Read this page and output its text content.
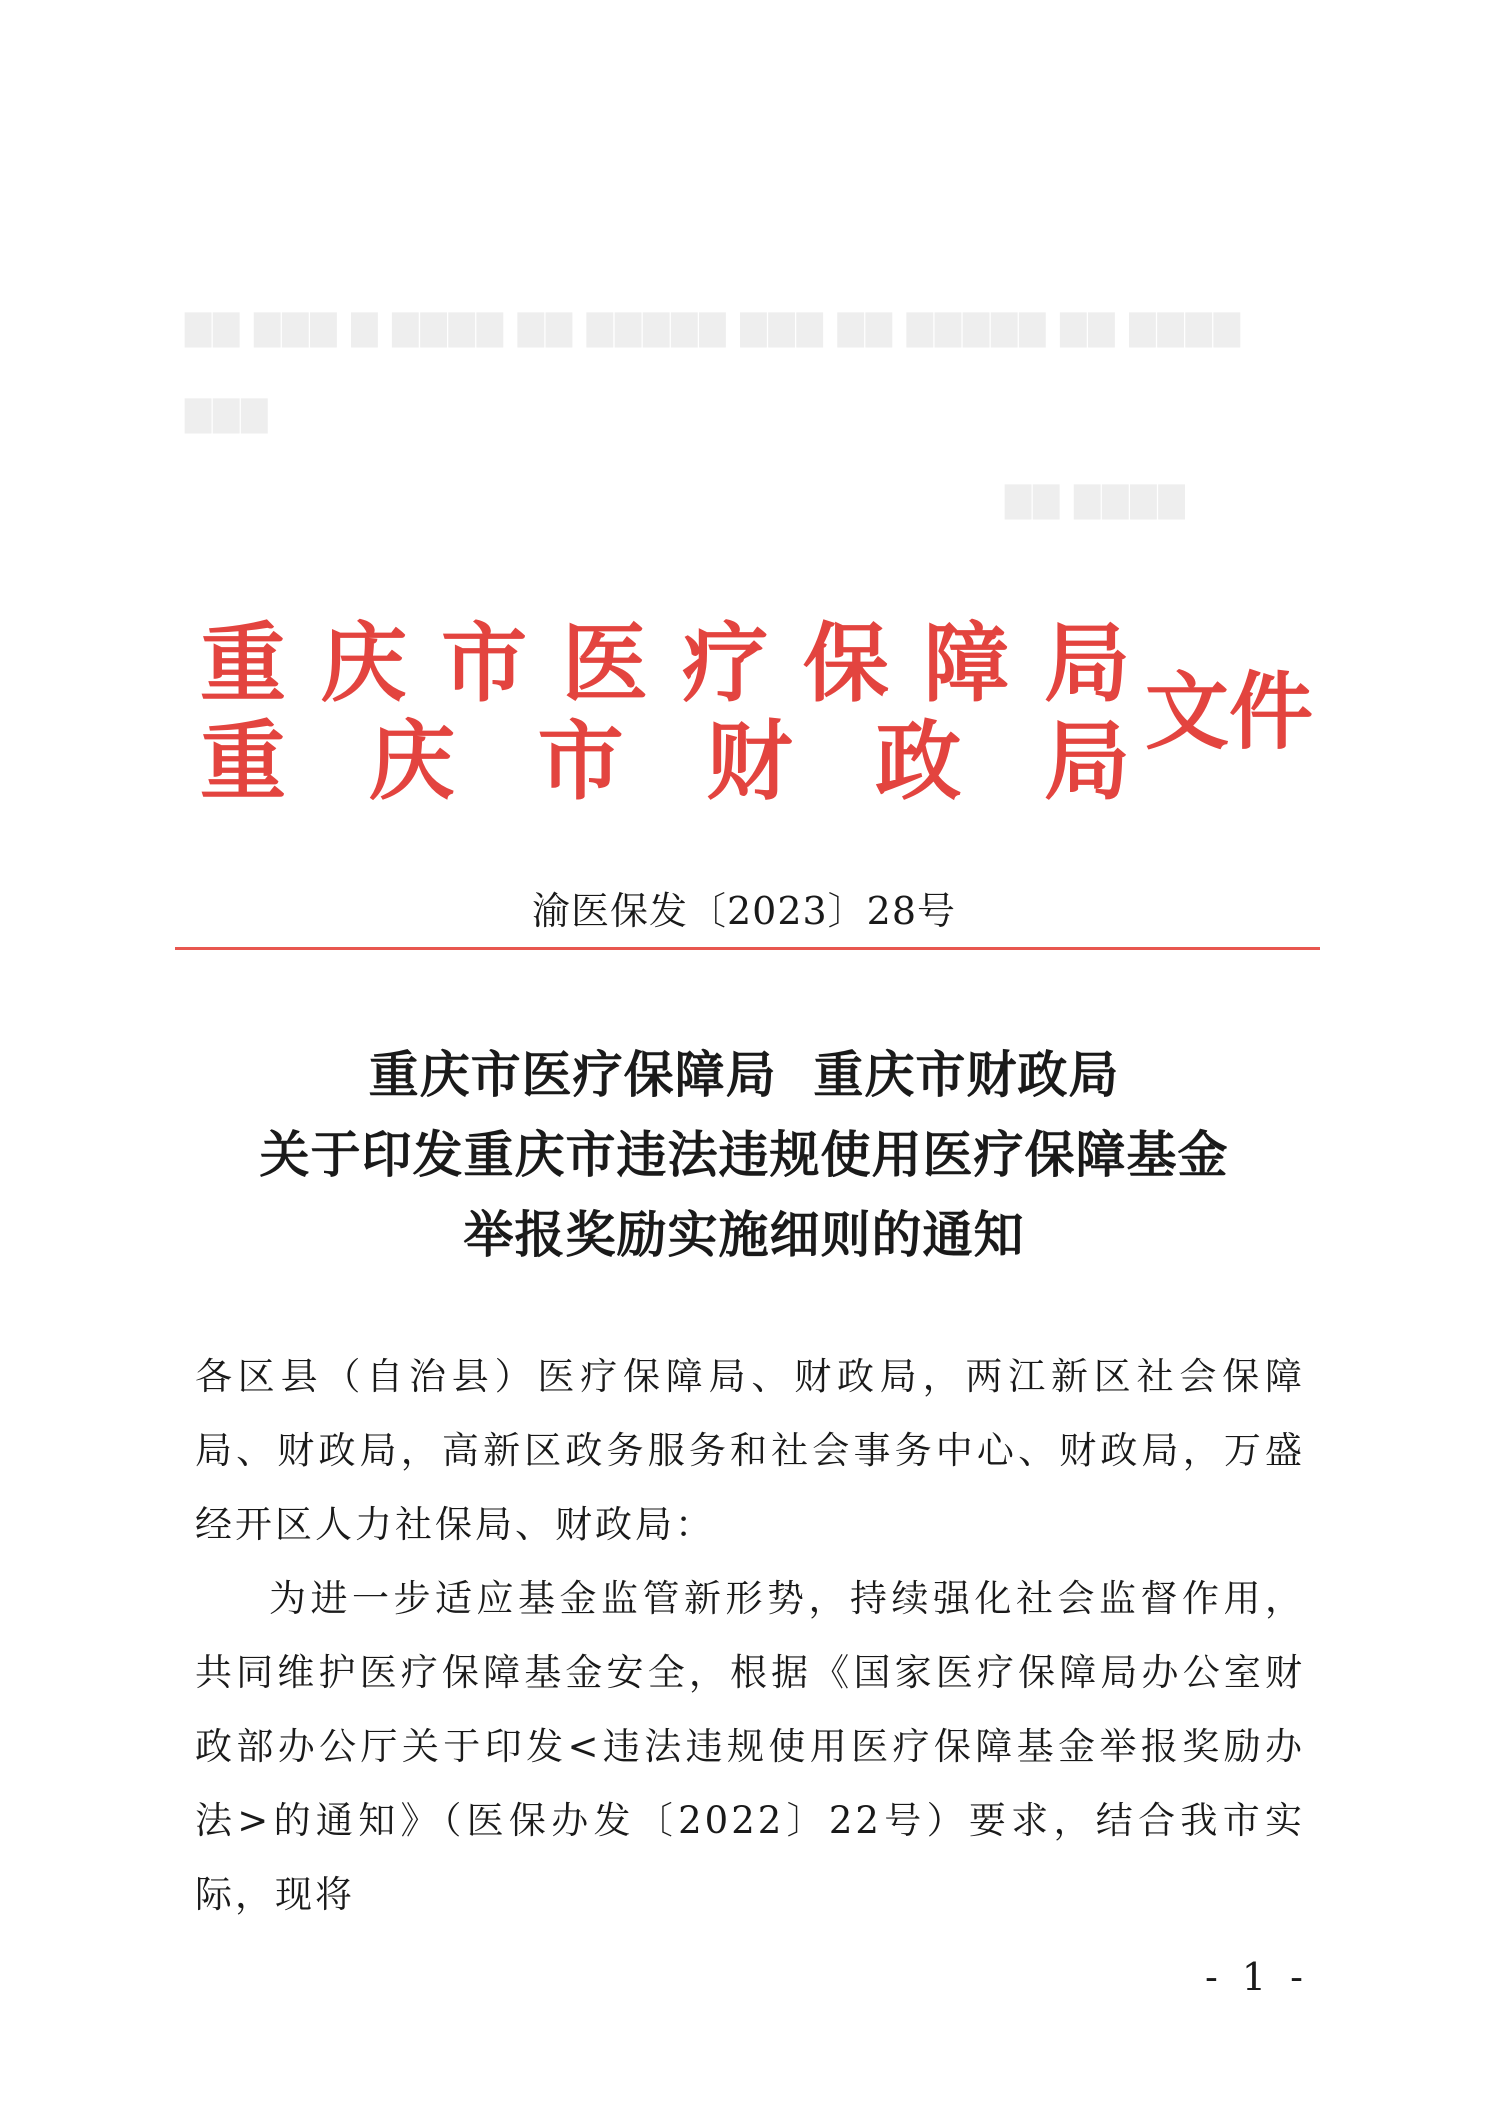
▇▇ ▇▇▇ ▇ ▇▇▇▇ ▇▇ ▇▇▇▇▇ ▇▇▇ ▇▇ ▇▇▇▇▇ ▇▇ ▇▇▇▇ ▇▇▇
▇▇ ▇▇▇▇
重 庆 市 医 疗 保 障 局
重 庆 市 财 政 局 文件
渝医保发〔2023〕28号
重庆市医疗保障局  重庆市财政局
关于印发重庆市违法违规使用医疗保障基金
举报奖励实施细则的通知

各区县（自治县）医疗保障局、财政局，两江新区社会保障局、财政局，高新区政务服务和社会事务中心、财政局，万盛经开区人力社保局、财政局：

为进一步适应基金监管新形势，持续强化社会监督作用，共同维护医疗保障基金安全，根据《国家医疗保障局办公室财政部办公厅关于印发<违法违规使用医疗保障基金举报奖励办法>的通知》（医保办发〔2022〕22号）要求，结合我市实际，现将

- 1 -
